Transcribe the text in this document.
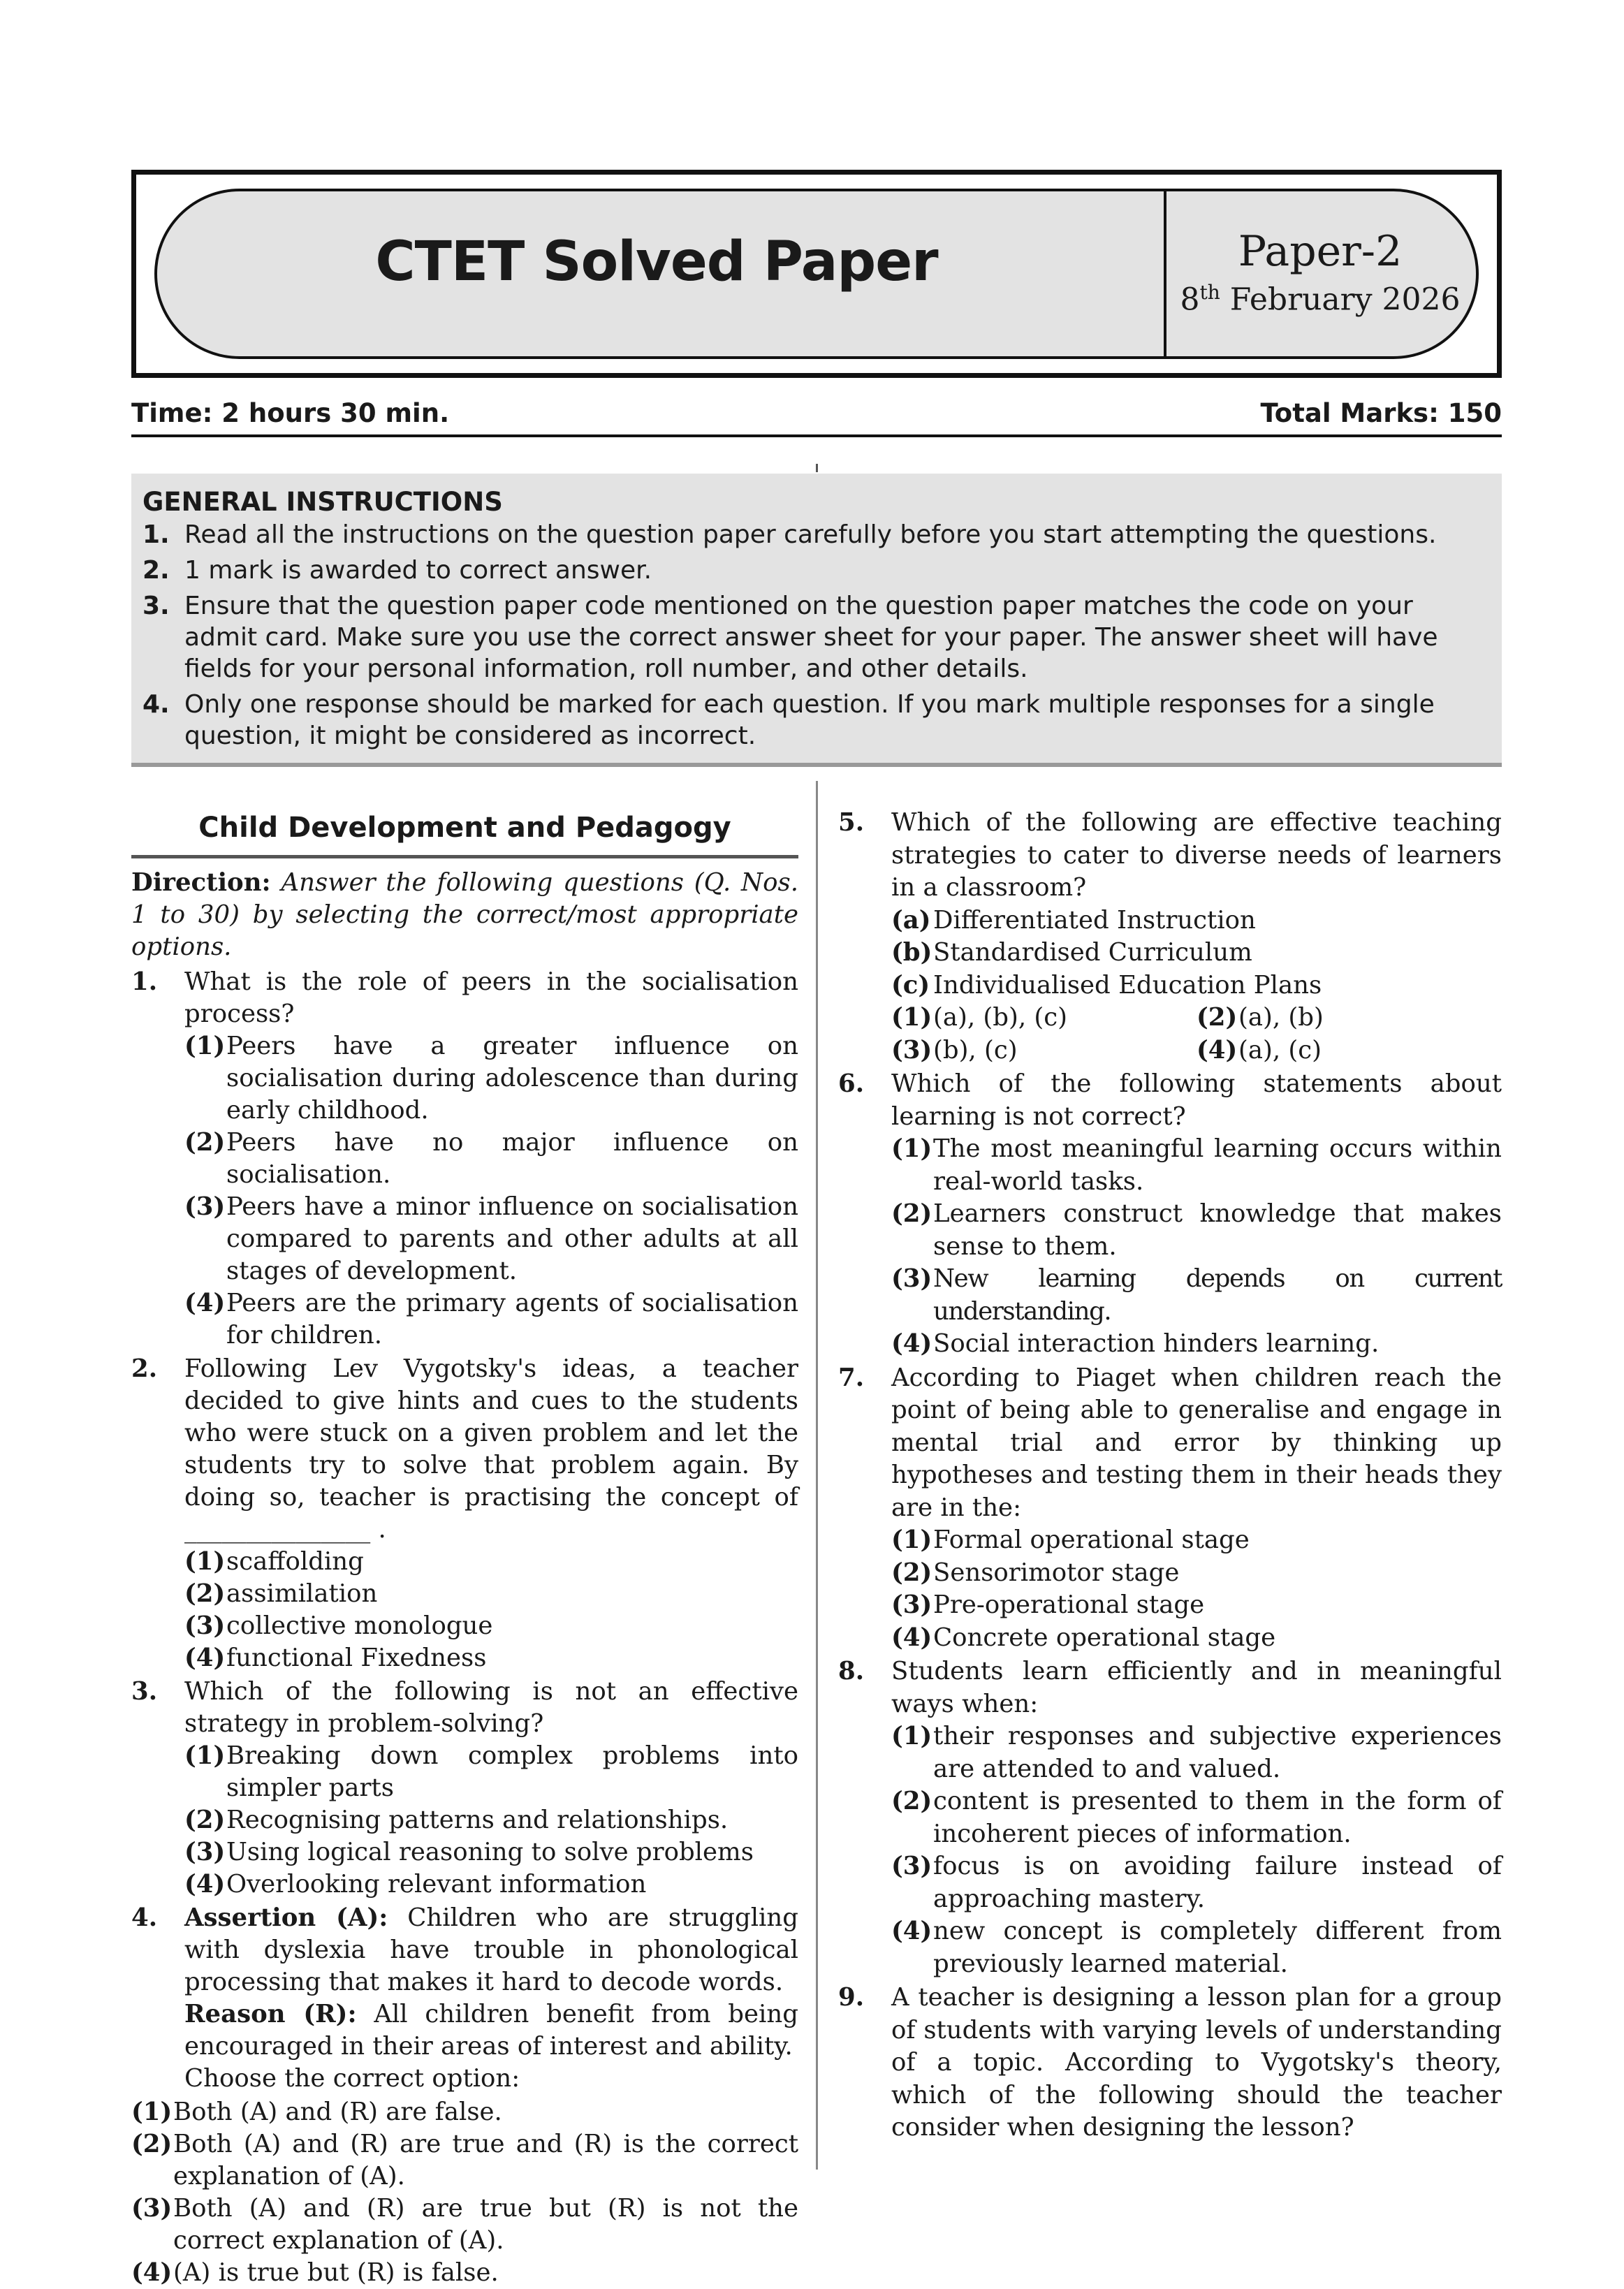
CTET Solved Paper	Paper-2
8th February 2026
Time: 2 hours 30 min.	Total Marks: 150
GENERAL INSTRUCTIONS
1. Read all the instructions on the question paper carefully before you start attempting the questions.
2. 1 mark is awarded to correct answer.
3. Ensure that the question paper code mentioned on the question paper matches the code on your admit card. Make sure you use the correct answer sheet for your paper. The answer sheet will have fields for your personal information, roll number, and other details.
4. Only one response should be marked for each question. If you mark multiple responses for a single question, it might be considered as incorrect.
Child Development and Pedagogy
Direction: Answer the following questions (Q. Nos. 1 to 30) by selecting the correct/most appropriate options.
1.	What is the role of peers in the socialisation process?
(1) Peers have a greater influence on socialisation during adolescence than during early childhood.
(2) Peers have no major influence on socialisation.
(3) Peers have a minor influence on socialisation compared to parents and other adults at all stages of development.
(4) Peers are the primary agents of socialisation for children.
2.	Following Lev Vygotsky's ideas, a teacher decided to give hints and cues to the students who were stuck on a given problem and let the students try to solve that problem again. By doing so, teacher is practising the concept of _______________ .
(1) scaffolding
(2) assimilation
(3) collective monologue
(4) functional Fixedness
3.	Which of the following is not an effective strategy in problem-solving?
(1) Breaking down complex problems into simpler parts
(2) Recognising patterns and relationships.
(3) Using logical reasoning to solve problems
(4) Overlooking relevant information
4.	Assertion (A): Children who are struggling with dyslexia have trouble in phonological processing that makes it hard to decode words.
Reason (R): All children benefit from being encouraged in their areas of interest and ability.
Choose the correct option:
(1) Both (A) and (R) are false.
(2) Both (A) and (R) are true and (R) is the correct explanation of (A).
(3) Both (A) and (R) are true but (R) is not the correct explanation of (A).
(4) (A) is true but (R) is false.
5.	Which of the following are effective teaching strategies to cater to diverse needs of learners in a classroom?
(a) Differentiated Instruction
(b) Standardised Curriculum
(c) Individualised Education Plans
(1) (a), (b), (c)	(2) (a), (b)
(3) (b), (c)	(4) (a), (c)
6.	Which of the following statements about learning is not correct?
(1) The most meaningful learning occurs within real-world tasks.
(2) Learners construct knowledge that makes sense to them.
(3) New learning depends on current understanding.
(4) Social interaction hinders learning.
7.	According to Piaget when children reach the point of being able to generalise and engage in mental trial and error by thinking up hypotheses and testing them in their heads they are in the:
(1) Formal operational stage
(2) Sensorimotor stage
(3) Pre-operational stage
(4) Concrete operational stage
8.	Students learn efficiently and in meaningful ways when:
(1) their responses and subjective experiences are attended to and valued.
(2) content is presented to them in the form of incoherent pieces of information.
(3) focus is on avoiding failure instead of approaching mastery.
(4) new concept is completely different from previously learned material.
9.	A teacher is designing a lesson plan for a group of students with varying levels of understanding of a topic. According to Vygotsky's theory, which of the following should the teacher consider when designing the lesson?
